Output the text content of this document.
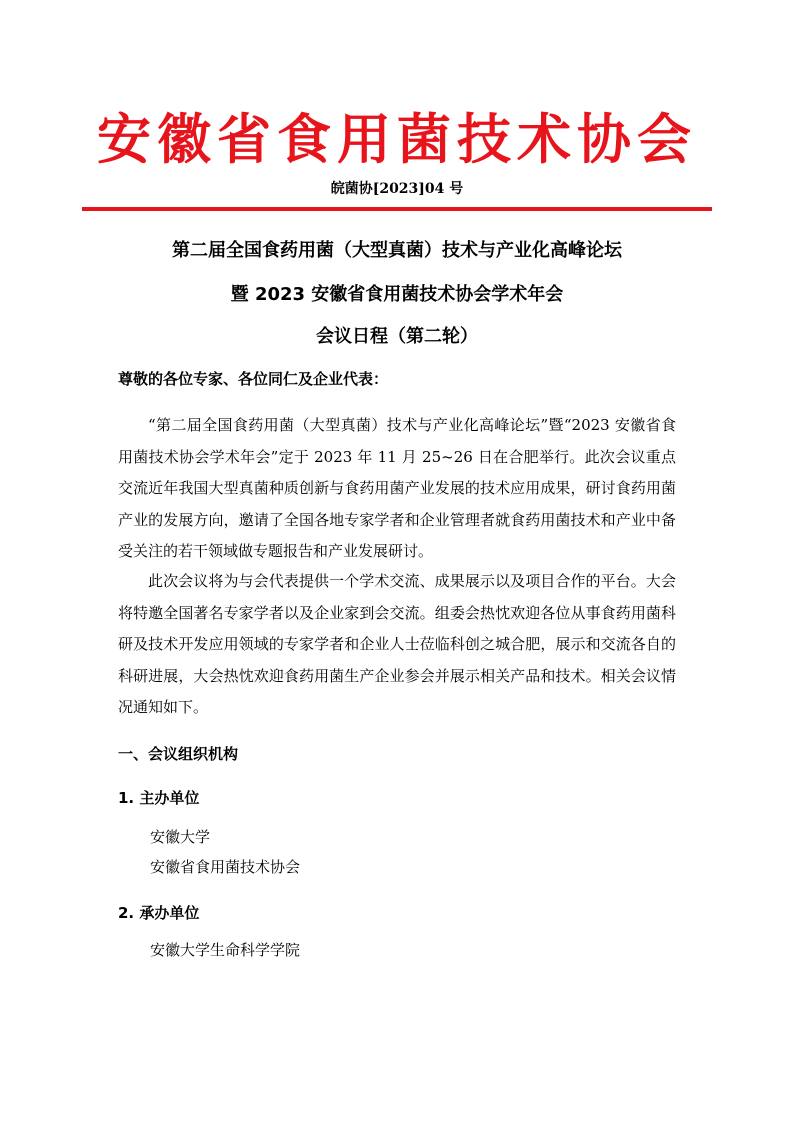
安徽省食用菌技术协会
皖菌协[2023]04 号
第二届全国食药用菌（大型真菌）技术与产业化高峰论坛
暨 2023 安徽省食用菌技术协会学术年会
会议日程（第二轮）
尊敬的各位专家、各位同仁及企业代表：

“第二届全国食药用菌（大型真菌）技术与产业化高峰论坛”暨“2023 安徽省食用菌技术协会学术年会”定于 2023 年 11 月 25~26 日在合肥举行。此次会议重点交流近年我国大型真菌种质创新与食药用菌产业发展的技术应用成果，研讨食药用菌产业的发展方向，邀请了全国各地专家学者和企业管理者就食药用菌技术和产业中备受关注的若干领域做专题报告和产业发展研讨。

此次会议将为与会代表提供一个学术交流、成果展示以及项目合作的平台。大会将特邀全国著名专家学者以及企业家到会交流。组委会热忱欢迎各位从事食药用菌科研及技术开发应用领域的专家学者和企业人士莅临科创之城合肥，展示和交流各自的科研进展，大会热忱欢迎食药用菌生产企业参会并展示相关产品和技术。相关会议情况通知如下。

一、会议组织机构
1. 主办单位
安徽大学
安徽省食用菌技术协会
2. 承办单位
安徽大学生命科学学院
